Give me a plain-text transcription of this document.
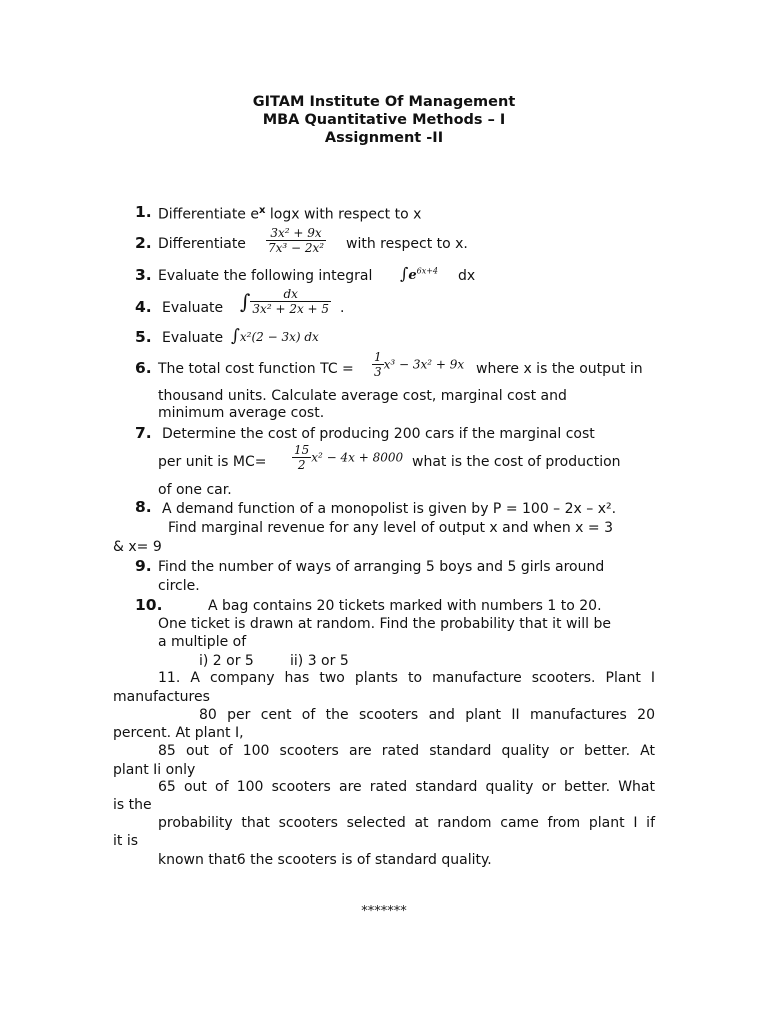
GITAM Institute Of Management
MBA Quantitative Methods – I
Assignment -II
1. Differentiate $e^x$ logx with respect to x
2. Differentiate $\frac{\text{3x² + 9x}}{\text{7x³ − 2x²}}$ with respect to x.
3. Evaluate the following integral $\int e^{6x+4}$ dx
4. Evaluate ∫ $\frac{dx}{\text{3x² + 2x + 5}}$ .
5. Evaluate ∫x²(2 − 3x) dx
6. The total cost function TC = $\frac{1}{3} x^3 - 3x^2 + 9x$ where x is the output in
thousand units. Calculate average cost, marginal cost and
minimum average cost.
7. Determine the cost of producing 200 cars if the marginal cost
per unit is $MC= \frac{15}{2} x^2 - 4x + 8000$ what is the cost of production
of one car.
8. A demand function of a monopolist is given by P = 100 – 2x – x².
Find marginal revenue for any level of output x and when x = 3
& x= 9
9. Find the number of ways of arranging 5 boys and 5 girls around
circle.
10.	A bag contains 20 tickets marked with numbers 1 to 20.
One ticket is drawn at random. Find the probability that it will be
a multiple of
i) 2 or 5	ii) 3 or 5
11. A company has two plants to manufacture scooters. Plant I
manufactures
80 per cent of the scooters and plant II manufactures 20
percent. At plant I,
85 out of 100 scooters are rated standard quality or better. At
plant Ii only
65 out of 100 scooters are rated standard quality or better. What
is the
probability that scooters selected at random came from plant I if
it is
known that6 the scooters is of standard quality.
*******
